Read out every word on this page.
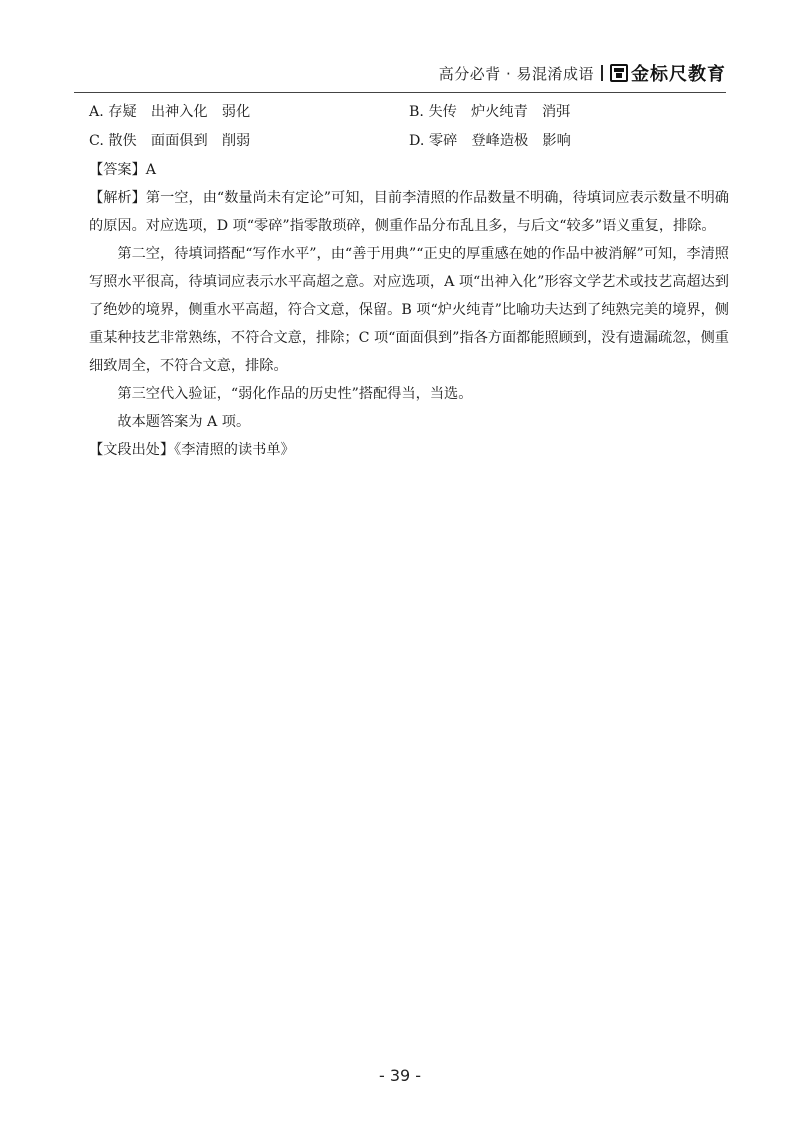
高分必背 · 易混淆成语 金标尺教育
A. 存疑　出神入化　弱化	B. 失传　炉火纯青　消弭
C. 散佚　面面俱到　削弱	D. 零碎　登峰造极　影响

【答案】A

【解析】第一空，由“数量尚未有定论”可知，目前李清照的作品数量不明确，待填词应表示数量不明确的原因。对应选项，D 项“零碎”指零散琐碎，侧重作品分布乱且多，与后文“较多”语义重复，排除。

第二空，待填词搭配“写作水平”，由“善于用典”“正史的厚重感在她的作品中被消解”可知，李清照写照水平很高，待填词应表示水平高超之意。对应选项，A 项“出神入化”形容文学艺术或技艺高超达到了绝妙的境界，侧重水平高超，符合文意，保留。B 项“炉火纯青”比喻功夫达到了纯熟完美的境界，侧重某种技艺非常熟练，不符合文意，排除；C 项“面面俱到”指各方面都能照顾到，没有遗漏疏忽，侧重细致周全，不符合文意，排除。

第三空代入验证，“弱化作品的历史性”搭配得当，当选。

故本题答案为 A 项。

【文段出处】《李清照的读书单》

- 39 -
